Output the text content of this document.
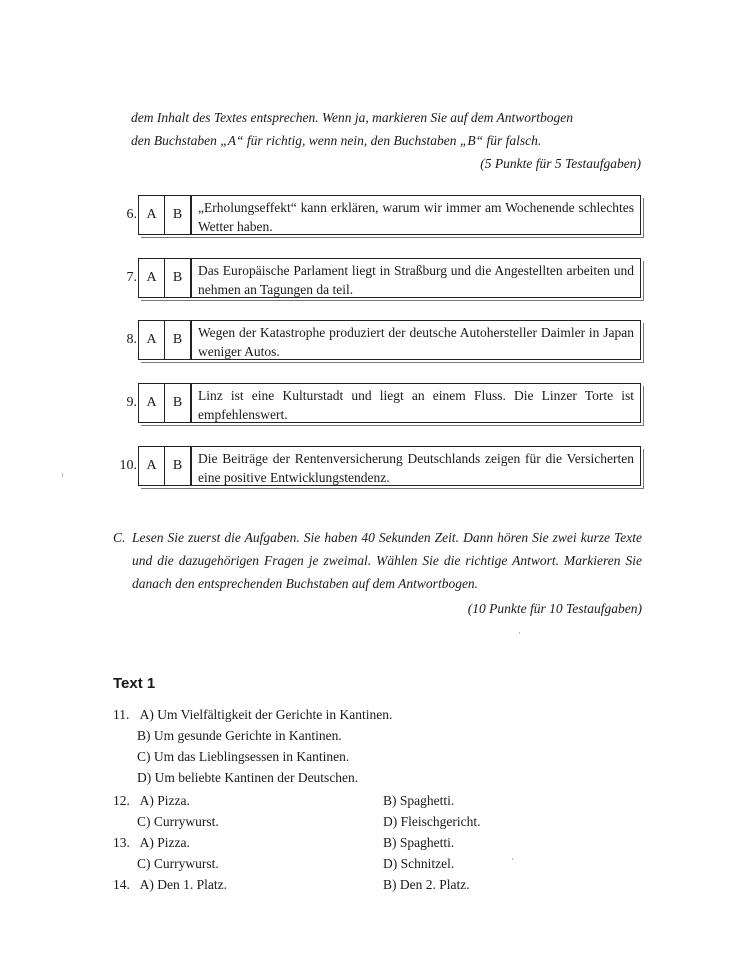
dem Inhalt des Textes entsprechen. Wenn ja, markieren Sie auf dem Antwortbogen

den Buchstaben „A“ für richtig, wenn nein, den Buchstaben „B“ für falsch.

(5 Punkte für 5 Testaufgaben)

6. A	B	„Erholungseffekt“ kann erklären, warum wir immer am Wochenende schlechtes Wetter haben.
7. A	B	Das Europäische Parlament liegt in Straßburg und die Angestellten arbeiten und nehmen an Tagungen da teil.
8. A	B	Wegen der Katastrophe produziert der deutsche Autohersteller Daimler in Japan weniger Autos.
9. A	B	Linz ist eine Kulturstadt und liegt an einem Fluss. Die Linzer Torte ist empfehlenswert.
10. A	B	Die Beiträge der Rentenversicherung Deutschlands zeigen für die Versicherten eine positive Entwicklungstendenz.
C. Lesen Sie zuerst die Aufgaben. Sie haben 40 Sekunden Zeit. Dann hören Sie zwei kurze Texte und die dazugehörigen Fragen je zweimal. Wählen Sie die richtige Antwort. Markieren Sie danach den entsprechenden Buchstaben auf dem Antwortbogen.
(10 Punkte für 10 Testaufgaben)
Text 1
11. A) Um Vielfältigkeit der Gerichte in Kantinen.
B) Um gesunde Gerichte in Kantinen.
C) Um das Lieblingsessen in Kantinen.
D) Um beliebte Kantinen der Deutschen.
12. A) Pizza.	B) Spaghetti.
C) Currywurst.	D) Fleischgericht.
13. A) Pizza.	B) Spaghetti.
C) Currywurst.	D) Schnitzel.
14. A) Den 1. Platz.	B) Den 2. Platz.
